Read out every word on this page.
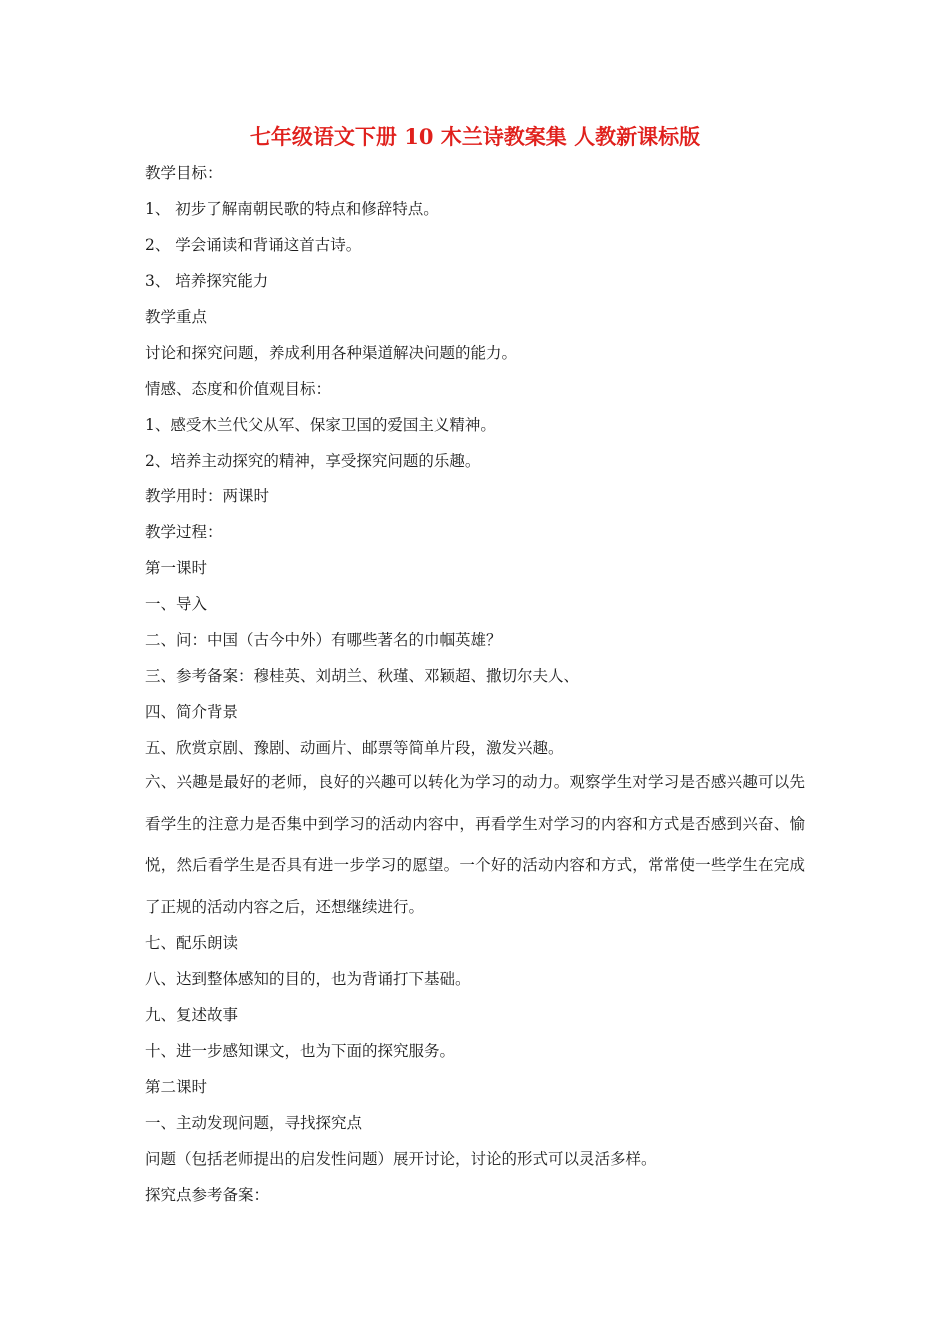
七年级语文下册 10 木兰诗教案集 人教新课标版
教学目标：
1、 初步了解南朝民歌的特点和修辞特点。
2、 学会诵读和背诵这首古诗。
3、 培养探究能力
教学重点
讨论和探究问题，养成利用各种渠道解决问题的能力。
情感、态度和价值观目标：
1、感受木兰代父从军、保家卫国的爱国主义精神。
2、培养主动探究的精神，享受探究问题的乐趣。
教学用时：两课时
教学过程：
第一课时
一、导入
二、问：中国（古今中外）有哪些著名的巾帼英雄？
三、参考备案：穆桂英、刘胡兰、秋瑾、邓颖超、撒切尔夫人、
四、简介背景
五、欣赏京剧、豫剧、动画片、邮票等简单片段，激发兴趣。
六、兴趣是最好的老师，良好的兴趣可以转化为学习的动力。观察学生对学习是否感兴趣可以先看学生的注意力是否集中到学习的活动内容中，再看学生对学习的内容和方式是否感到兴奋、愉悦，然后看学生是否具有进一步学习的愿望。一个好的活动内容和方式，常常使一些学生在完成了正规的活动内容之后，还想继续进行。
七、配乐朗读
八、达到整体感知的目的，也为背诵打下基础。
九、复述故事
十、进一步感知课文，也为下面的探究服务。
第二课时
一、主动发现问题，寻找探究点
问题（包括老师提出的启发性问题）展开讨论，讨论的形式可以灵活多样。
探究点参考备案：
